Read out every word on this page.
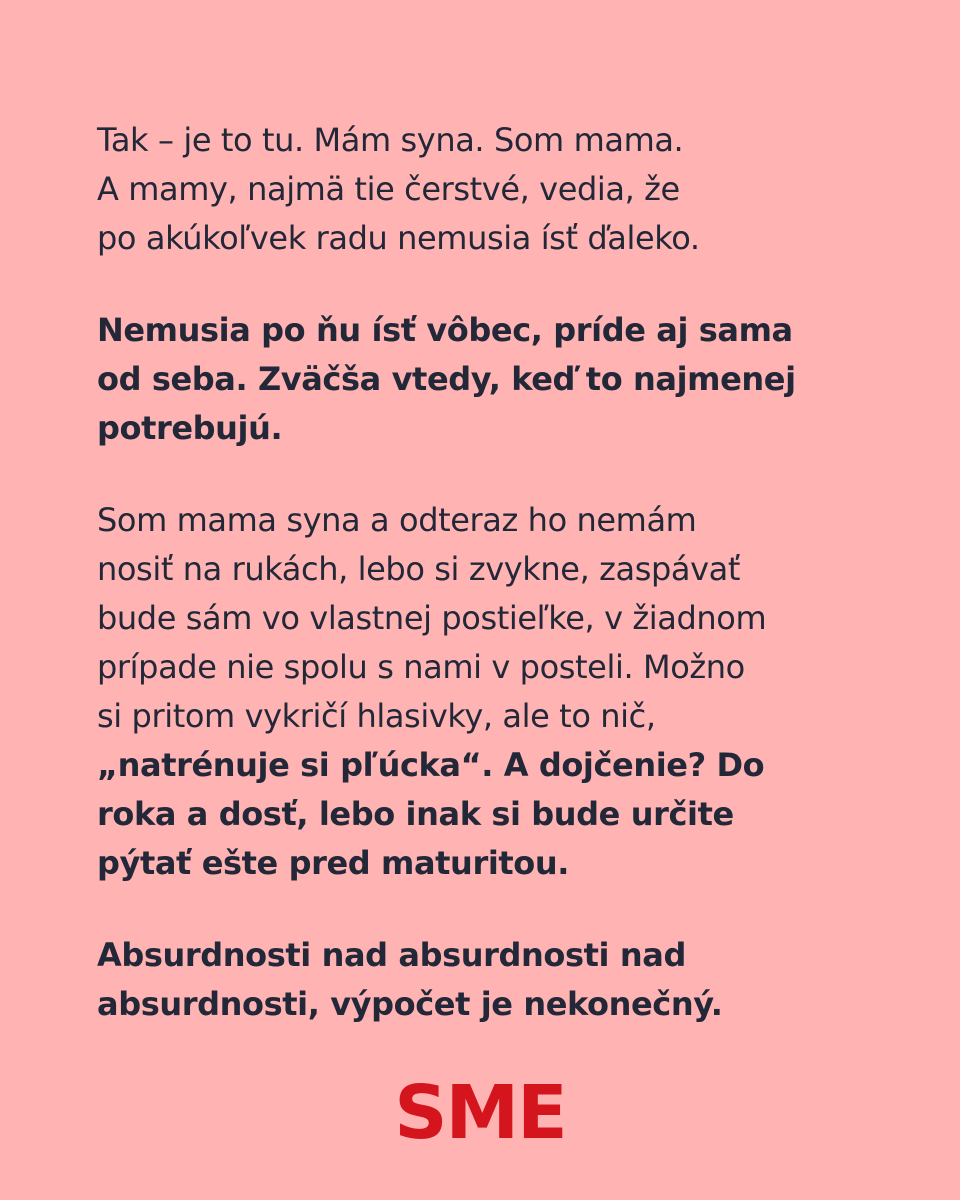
Tak – je to tu. Mám syna. Som mama.
A mamy, najmä tie čerstvé, vedia, že
po akúkoľvek radu nemusia ísť ďaleko.

Nemusia po ňu ísť vôbec, príde aj sama
od seba. Zväčša vtedy, keď to najmenej
potrebujú.

Som mama syna a odteraz ho nemám
nosiť na rukách, lebo si zvykne, zaspávať
bude sám vo vlastnej postieľke, v žiadnom
prípade nie spolu s nami v posteli. Možno
si pritom vykričí hlasivky, ale to nič,
„natrénuje si pľúcka“. A dojčenie? Do
roka a dosť, lebo inak si bude určite
pýtať ešte pred maturitou.

Absurdnosti nad absurdnosti nad
absurdnosti, výpočet je nekonečný.

SME
